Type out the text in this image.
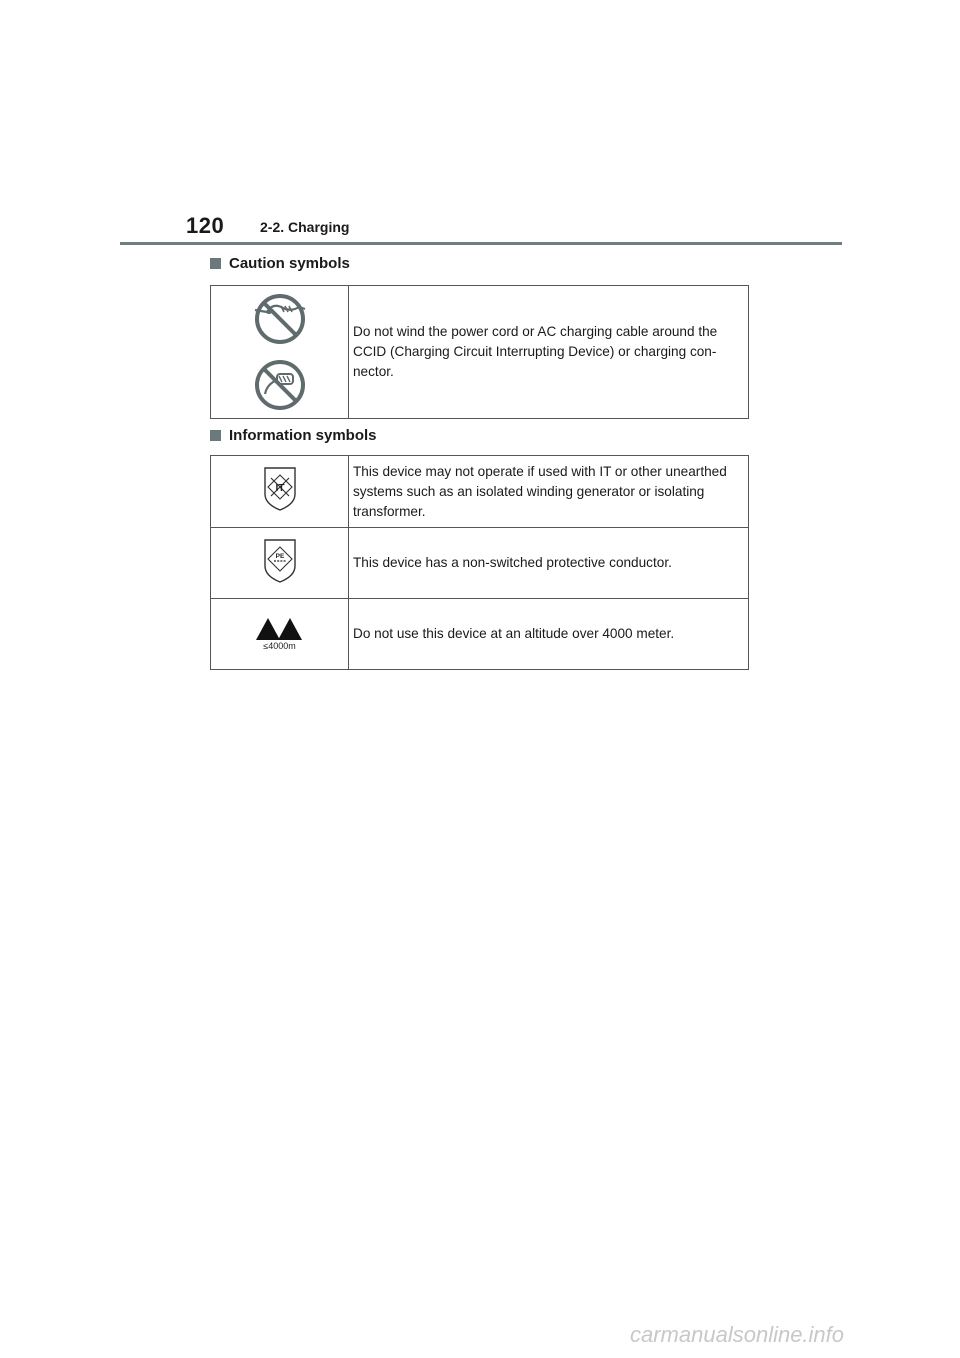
120	2-2. Charging
Caution symbols
	Do not wind the power cord or AC charging cable around the CCID (Charging Circuit Interrupting Device) or charging con-nector.
Information symbols
IT	This device may not operate if used with IT or other unearthed systems such as an isolated winding generator or isolating transformer.

PE	This device has a non-switched protective conductor.

≤4000m	Do not use this device at an altitude over 4000 meter.
carmanualsonline.info
